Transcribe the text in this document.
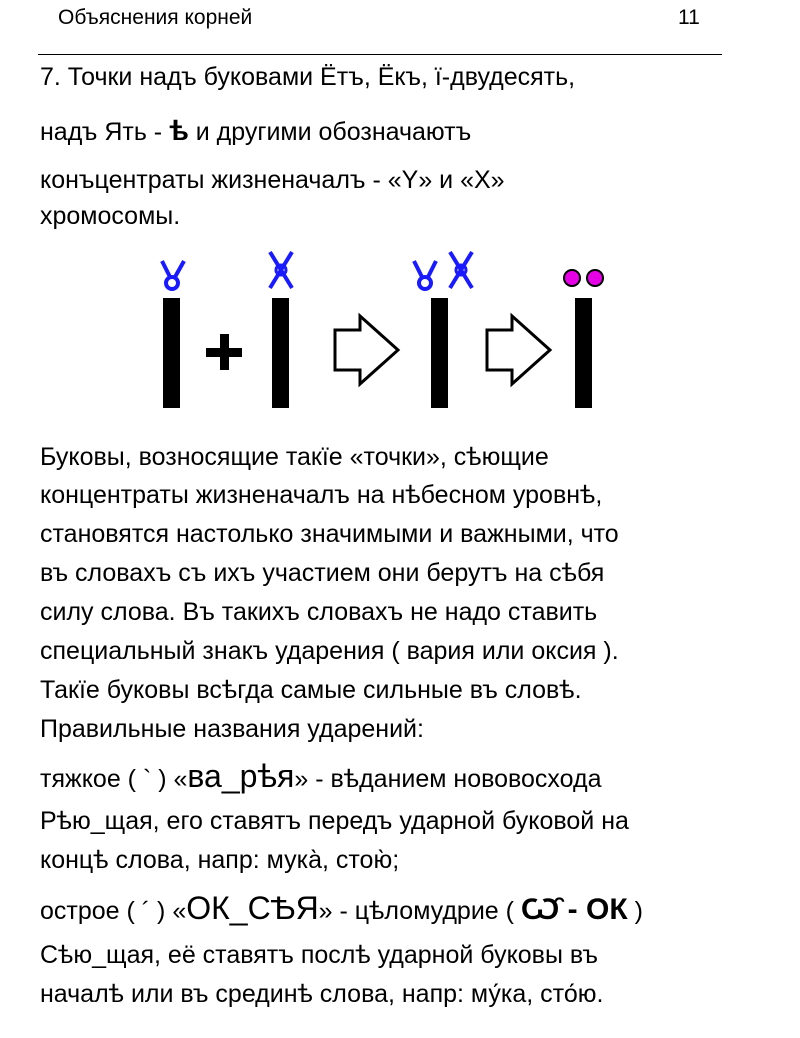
Объяснения корней	11
7. Точки надъ буковами Ётъ, Ёкъ, ї-двудесять,
надъ Ять - ѣ и другими обозначаютъ
конъцентраты жизненачалъ - «Y» и «X»
хромосомы.
Буковы, возносящие такїе «точки», сѣющие
концентраты жизненачалъ на нѣбесном уровнѣ,
становятся настолько значимыми и важными, что
въ словахъ съ ихъ участием они берутъ на сѣбя
силу слова. Въ такихъ словахъ не надо ставить
специальный знакъ ударения ( вария или оксия ).
Такїе буковы всѣгда самые сильные въ словѣ.
Правильные названия ударений:
тяжкое ( ` ) «ва_рѣя» - вѣданием нововосхода
Рѣю_щая, его ставятъ передъ ударной буковой на
концѣ слова, напр: мука̀, стою̀;
острое ( ´ ) «ОК_СѢЯ» - цѣломудрие ( Ѡ̑ - ОК )
Сѣю_щая, её ставятъ послѣ ударной буковы въ
началѣ или въ срединѣ слова, напр: му́ка, сто́ю.
